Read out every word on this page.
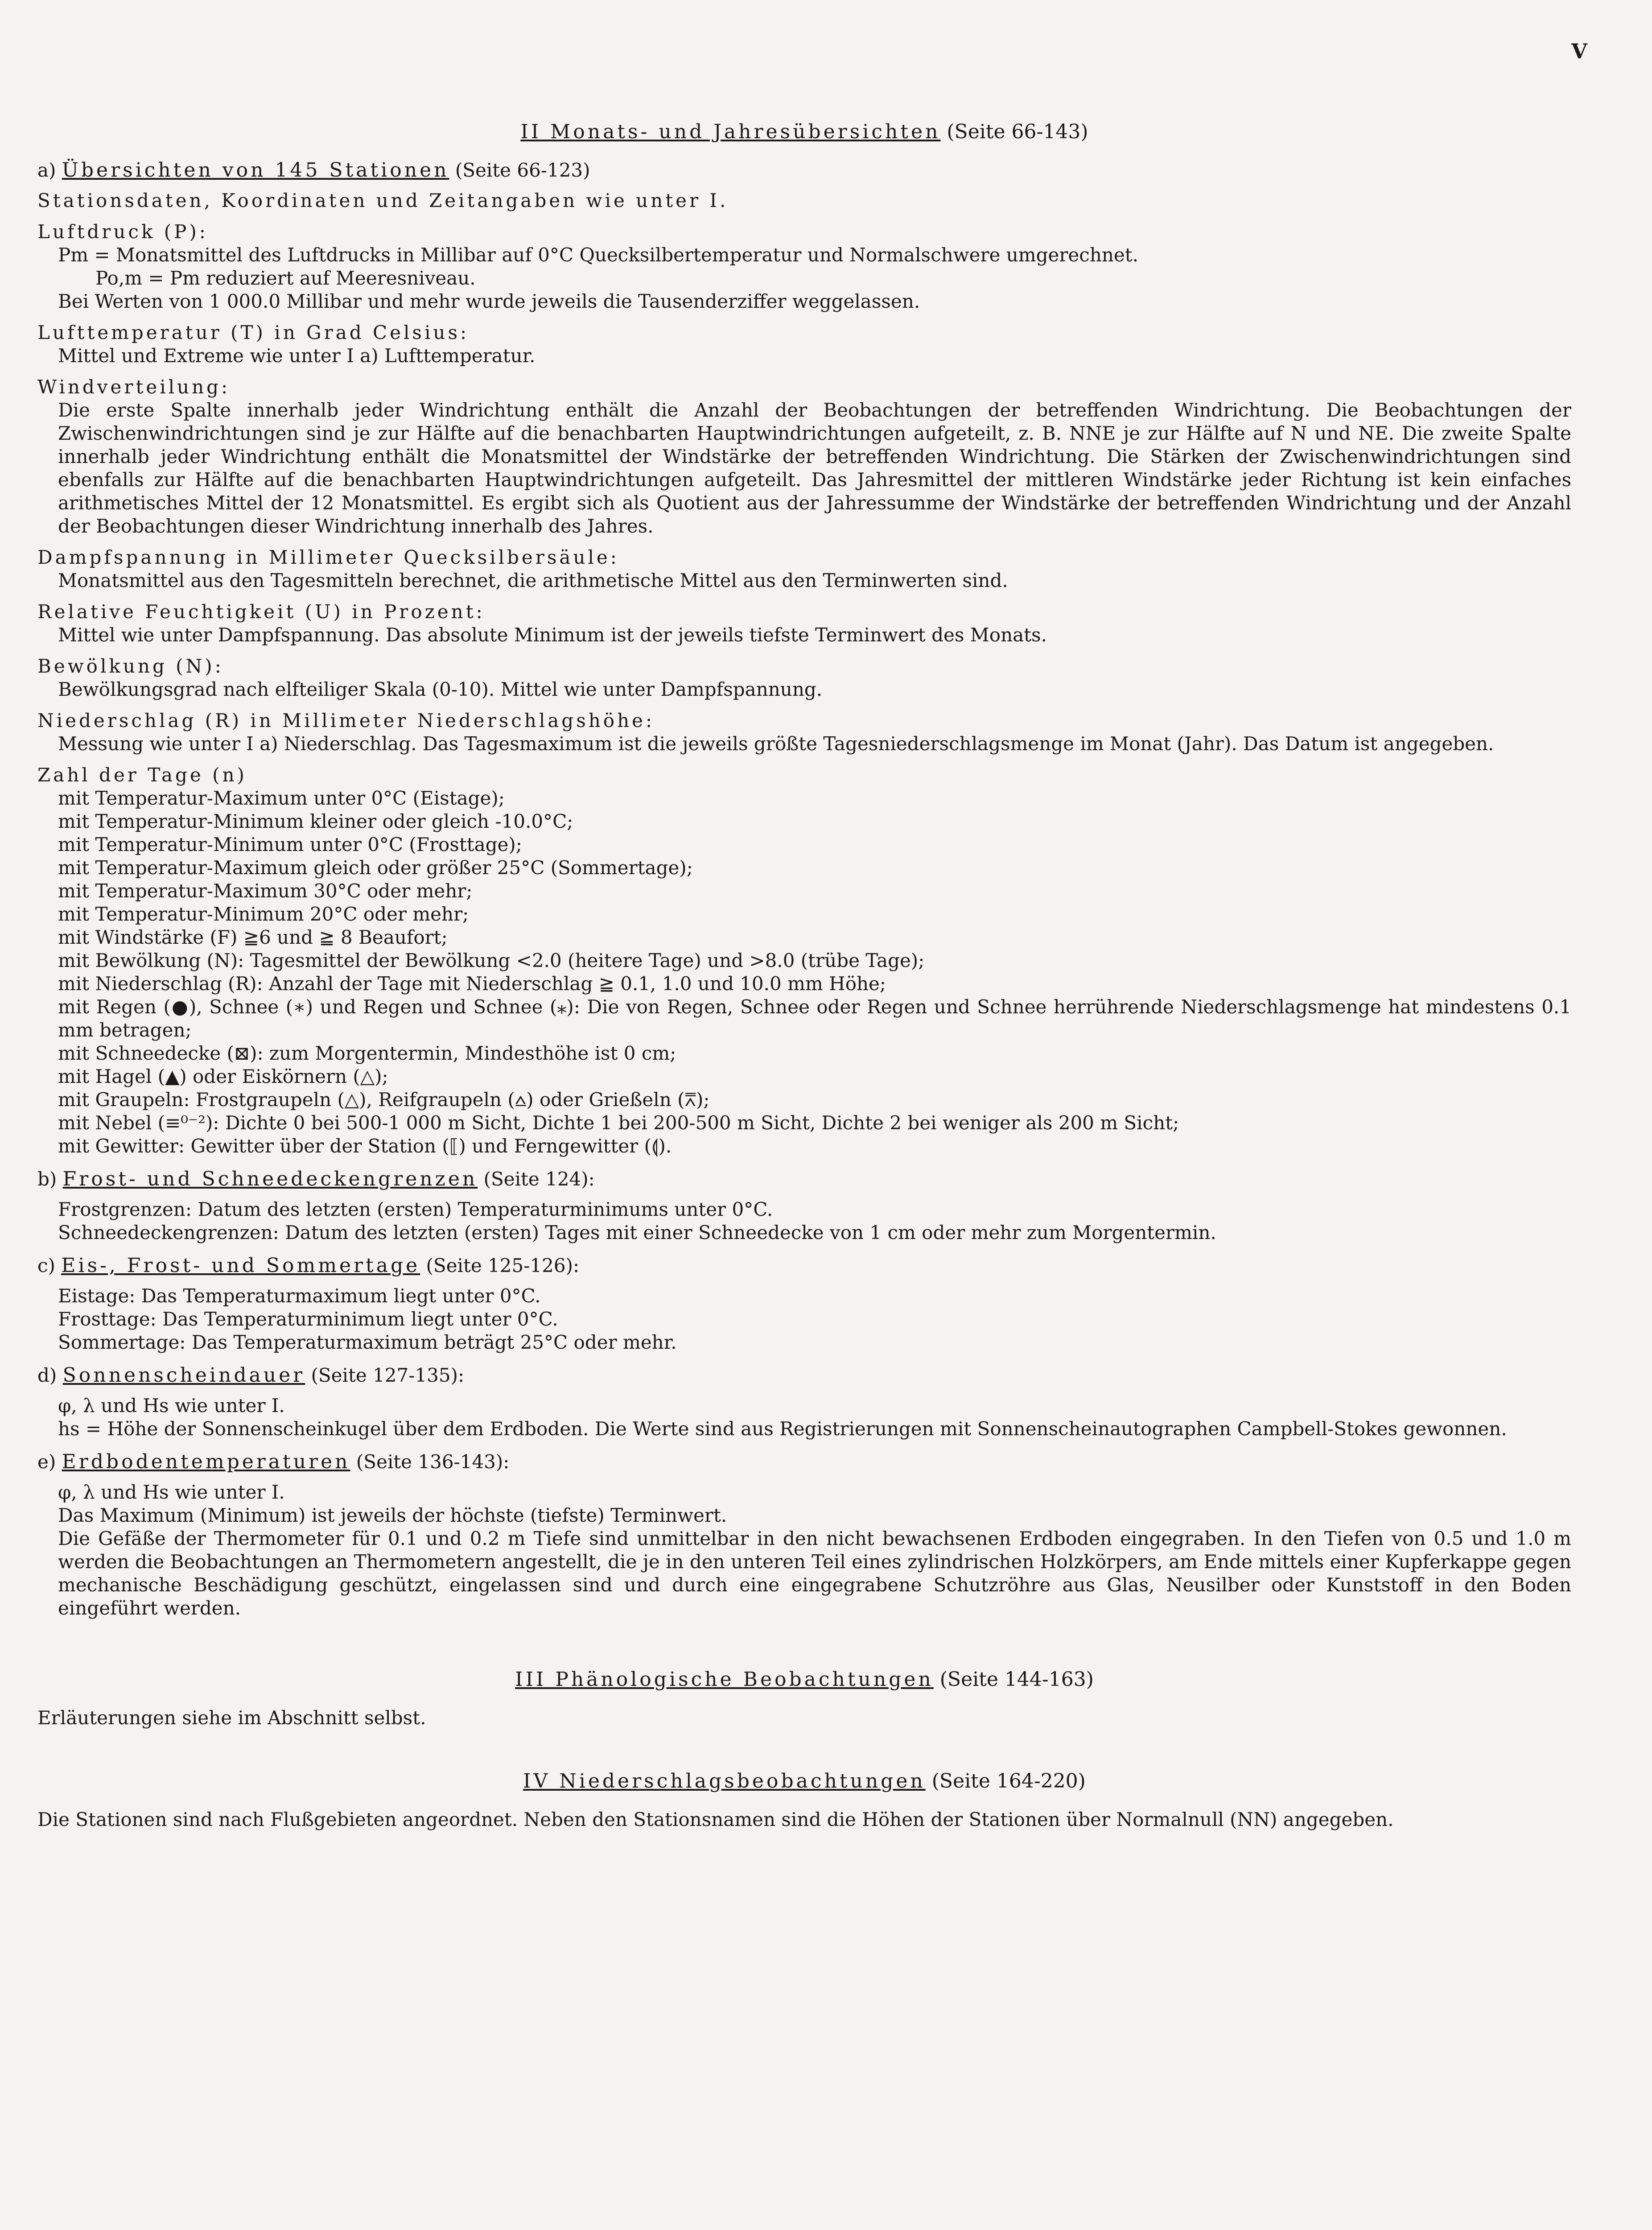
V

II Monats- und Jahresübersichten (Seite 66-143)

a) Übersichten von 145 Stationen (Seite 66-123)

Stationsdaten, Koordinaten und Zeitangaben wie unter I.

Luftdruck (P):

Pm = Monatsmittel des Luftdrucks in Millibar auf 0°C Quecksilbertemperatur und Normalschwere umgerechnet.

Po,m = Pm reduziert auf Meeresniveau.

Bei Werten von 1 000.0 Millibar und mehr wurde jeweils die Tausenderziffer weggelassen.

Lufttemperatur (T) in Grad Celsius:

Mittel und Extreme wie unter I a) Lufttemperatur.

Windverteilung:

Die erste Spalte innerhalb jeder Windrichtung enthält die Anzahl der Beobachtungen der betreffenden Windrichtung. Die Beobachtungen der Zwischenwindrichtungen sind je zur Hälfte auf die benachbarten Hauptwindrichtungen aufgeteilt, z. B. NNE je zur Hälfte auf N und NE. Die zweite Spalte innerhalb jeder Windrichtung enthält die Monatsmittel der Windstärke der betreffenden Windrichtung. Die Stärken der Zwischenwindrichtungen sind ebenfalls zur Hälfte auf die benachbarten Hauptwindrichtungen aufgeteilt. Das Jahresmittel der mittleren Windstärke jeder Richtung ist kein einfaches arithmetisches Mittel der 12 Monatsmittel. Es ergibt sich als Quotient aus der Jahressumme der Windstärke der betreffenden Windrichtung und der Anzahl der Beobachtungen dieser Windrichtung innerhalb des Jahres.

Dampfspannung in Millimeter Quecksilbersäule:

Monatsmittel aus den Tagesmitteln berechnet, die arithmetische Mittel aus den Terminwerten sind.

Relative Feuchtigkeit (U) in Prozent:

Mittel wie unter Dampfspannung. Das absolute Minimum ist der jeweils tiefste Terminwert des Monats.

Bewölkung (N):

Bewölkungsgrad nach elfteiliger Skala (0-10). Mittel wie unter Dampfspannung.

Niederschlag (R) in Millimeter Niederschlagshöhe:

Messung wie unter I a) Niederschlag. Das Tagesmaximum ist die jeweils größte Tagesniederschlagsmenge im Monat (Jahr). Das Datum ist angegeben.

Zahl der Tage (n)

mit Temperatur-Maximum unter 0°C (Eistage);

mit Temperatur-Minimum kleiner oder gleich -10.0°C;

mit Temperatur-Minimum unter 0°C (Frosttage);

mit Temperatur-Maximum gleich oder größer 25°C (Sommertage);

mit Temperatur-Maximum 30°C oder mehr;

mit Temperatur-Minimum 20°C oder mehr;

mit Windstärke (F) ≧6 und ≧ 8 Beaufort;

mit Bewölkung (N): Tagesmittel der Bewölkung <2.0 (heitere Tage) und >8.0 (trübe Tage);

mit Niederschlag (R): Anzahl der Tage mit Niederschlag ≧ 0.1, 1.0 und 10.0 mm Höhe;

mit Regen (●), Schnee (∗) und Regen und Schnee (⁎): Die von Regen, Schnee oder Regen und Schnee herrührende Niederschlagsmenge hat mindestens 0.1 mm betragen;

mit Schneedecke (⊠): zum Morgentermin, Mindesthöhe ist 0 cm;

mit Hagel (▲) oder Eiskörnern (△);

mit Graupeln: Frostgraupeln (△), Reifgraupeln (⩟) oder Grießeln (⩞);

mit Nebel (≡⁰⁻²): Dichte 0 bei 500-1 000 m Sicht, Dichte 1 bei 200-500 m Sicht, Dichte 2 bei weniger als 200 m Sicht;

mit Gewitter: Gewitter über der Station (⟦) und Ferngewitter (⟬).

b) Frost- und Schneedeckengrenzen (Seite 124):

Frostgrenzen: Datum des letzten (ersten) Temperaturminimums unter 0°C.

Schneedeckengrenzen: Datum des letzten (ersten) Tages mit einer Schneedecke von 1 cm oder mehr zum Morgentermin.

c) Eis-, Frost- und Sommertage (Seite 125-126):

Eistage: Das Temperaturmaximum liegt unter 0°C.

Frosttage: Das Temperaturminimum liegt unter 0°C.

Sommertage: Das Temperaturmaximum beträgt 25°C oder mehr.

d) Sonnenscheindauer (Seite 127-135):

φ, λ und Hs wie unter I.

hs = Höhe der Sonnenscheinkugel über dem Erdboden. Die Werte sind aus Registrierungen mit Sonnenscheinautographen Campbell-Stokes gewonnen.

e) Erdbodentemperaturen (Seite 136-143):

φ, λ und Hs wie unter I.

Das Maximum (Minimum) ist jeweils der höchste (tiefste) Terminwert.

Die Gefäße der Thermometer für 0.1 und 0.2 m Tiefe sind unmittelbar in den nicht bewachsenen Erdboden eingegraben. In den Tiefen von 0.5 und 1.0 m werden die Beobachtungen an Thermometern angestellt, die je in den unteren Teil eines zylindrischen Holzkörpers, am Ende mittels einer Kupferkappe gegen mechanische Beschädigung geschützt, eingelassen sind und durch eine eingegrabene Schutzröhre aus Glas, Neusilber oder Kunststoff in den Boden eingeführt werden.

III Phänologische Beobachtungen (Seite 144-163)

Erläuterungen siehe im Abschnitt selbst.

IV Niederschlagsbeobachtungen (Seite 164-220)

Die Stationen sind nach Flußgebieten angeordnet. Neben den Stationsnamen sind die Höhen der Stationen über Normalnull (NN) angegeben.
